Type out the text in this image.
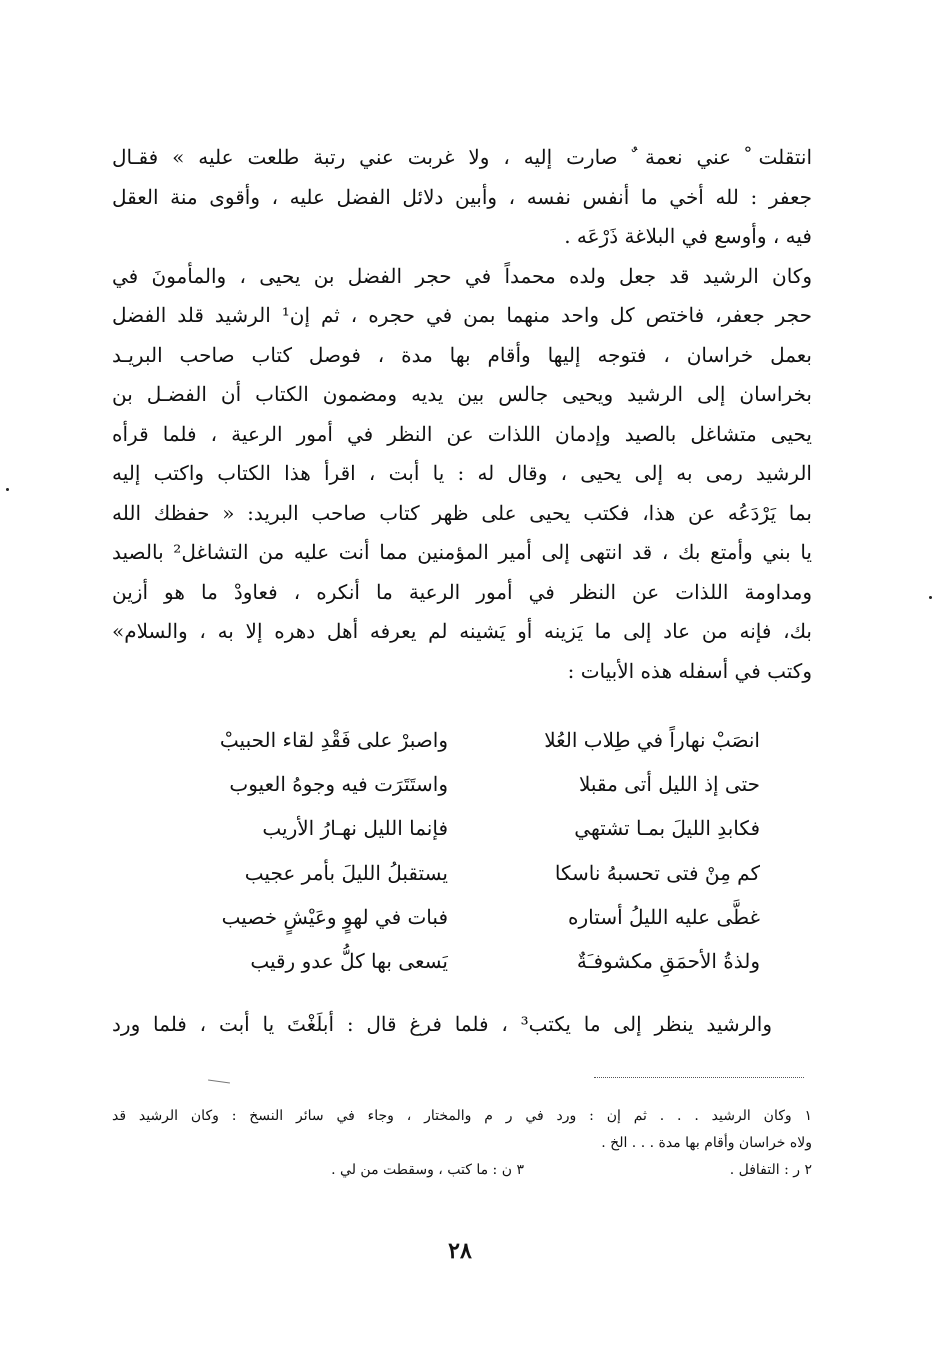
انتقلت ْ عني نعمة ٌ صارت إليه ، ولا غربت عني رتبة طلعت عليه » فقـال
جعفر : لله أخي ما أنفس نفسه ، وأبين دلائل الفضل عليه ، وأقوى منة العقل
فيه ، وأوسع في البلاغة ذَرْعَه .
وكان الرشيد قد جعل ولده محمداً في حجر الفضل بن يحيى ، والمأمونَ في
حجر جعفر، فاختص كل واحد منهما بمن في حجره ، ثم إن¹ الرشيد قلد الفضل
بعمل خراسان ، فتوجه إليها وأقام بها مدة ، فوصل كتاب صاحب البريـد
بخراسان إلى الرشيد ويحيى جالس بين يديه ومضمون الكتاب أن الفضـل بن
يحيى متشاغل بالصيد وإدمان اللذات عن النظر في أمور الرعية ، فلما قرأه
الرشيد رمى به إلى يحيى ، وقال له : يا أبت ، اقرأ هذا الكتاب واكتب إليه
بما يَرْدَعُه عن هذا، فكتب يحيى على ظهر كتاب صاحب البريد: « حفظك الله
يا بني وأمتع بك ، قد انتهى إلى أمير المؤمنين مما أنت عليه من التشاغل² بالصيد
ومداومة اللذات عن النظر في أمور الرعية ما أنكره ، فعاودْ ما هو أزين
بك، فإنه من عاد إلى ما يَزينه أو يَشينه لم يعرفه أهل دهره إلا به ، والسلام»
وكتب في أسفله هذه الأبيات :
انصَبْ نهاراً في طِلاب العُلا
واصبرْ على فَقْدِ لقاء الحبيبْ
حتى إذ الليل أتى مقبلا
واستَتَرَت فيه وجوهُ العيوب
فكابدِ الليلَ بمـا تشتهي
فإنما الليل نهـارُ الأريب
كم مِنْ فتى تحسبهُ ناسكا
يستقبلُ الليلَ بأمر عجيب
غطَّى عليه الليلُ أستاره
فبات في لهوٍ وعَيْشٍ خصيب
ولذةُ الأحمَقِ مكشوفـَةٌ
يَسعى بها كلُّ عدو رقيب
والرشيد ينظر إلى ما يكتب³ ، فلما فرغ قال : أبلَغْتَ يا أبت ، فلما ورد
١ وكان الرشيد . . . ثم إن : ورد في ر م والمختار ، وجاء في سائر النسخ : وكان الرشيد قد
ولاه خراسان وأقام بها مدة . . . الخ .
٢ ر : التفافل .
٣ ن : ما كتب ، وسقطت من لي .
٢٨
